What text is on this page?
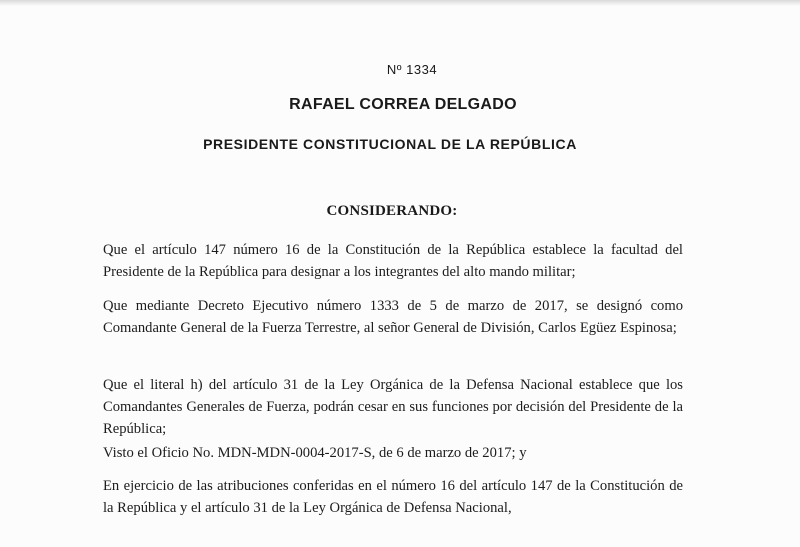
Nº 1334
RAFAEL CORREA DELGADO
PRESIDENTE CONSTITUCIONAL DE LA REPÚBLICA
CONSIDERANDO:

Que el artículo 147 número 16 de la Constitución de la República establece la facultad del Presidente de la República para designar a los integrantes del alto mando militar;

Que mediante Decreto Ejecutivo número 1333 de 5 de marzo de 2017, se designó como Comandante General de la Fuerza Terrestre, al señor General de División, Carlos Egüez Espinosa;

Que el literal h) del artículo 31 de la Ley Orgánica de la Defensa Nacional establece que los Comandantes Generales de Fuerza, podrán cesar en sus funciones por decisión del Presidente de la República;

Visto el Oficio No. MDN-MDN-0004-2017-S, de 6 de marzo de 2017; y

En ejercicio de las atribuciones conferidas en el número 16 del artículo 147 de la Constitución de la República y el artículo 31 de la Ley Orgánica de Defensa Nacional,
